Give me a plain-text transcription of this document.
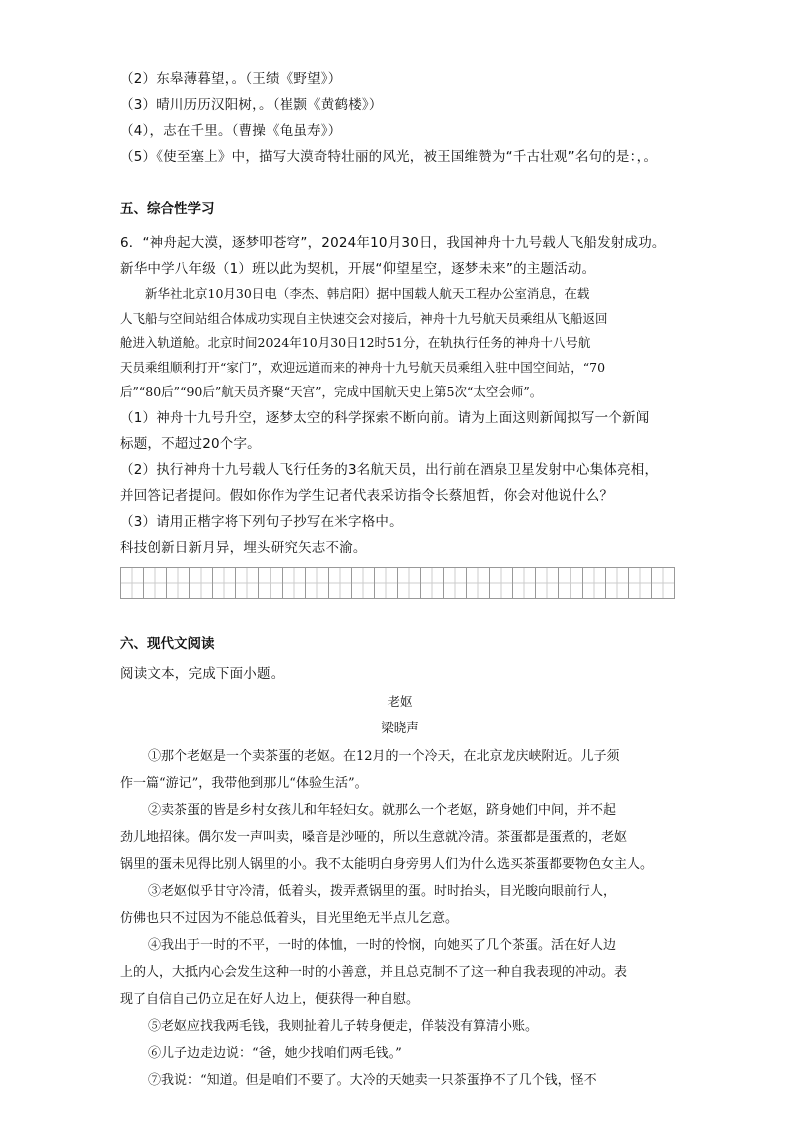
（2）东皋薄暮望，。（王绩《野望》）
（3）晴川历历汉阳树，。（崔颢《黄鹤楼》）
（4），志在千里。（曹操《龟虽寿》）
（5）《使至塞上》中，描写大漠奇特壮丽的风光，被王国维赞为“千古壮观”名句的是：，。
五、综合性学习
6．“神舟起大漠，逐梦叩苍穹”，2024年10月30日，我国神舟十九号载人飞船发射成功。
新华中学八年级（1）班以此为契机，开展“仰望星空，逐梦未来”的主题活动。
新华社北京10月30日电（李杰、韩启阳）据中国载人航天工程办公室消息，在载
人飞船与空间站组合体成功实现自主快速交会对接后，神舟十九号航天员乘组从飞船返回
舱进入轨道舱。北京时间2024年10月30日12时51分，在轨执行任务的神舟十八号航
天员乘组顺利打开“家门”，欢迎远道而来的神舟十九号航天员乘组入驻中国空间站，“70
后”“80后”“90后”航天员齐聚“天宫”，完成中国航天史上第5次“太空会师”。
（1）神舟十九号升空，逐梦太空的科学探索不断向前。请为上面这则新闻拟写一个新闻
标题，不超过20个字。
（2）执行神舟十九号载人飞行任务的3名航天员，出行前在酒泉卫星发射中心集体亮相，
并回答记者提问。假如你作为学生记者代表采访指令长蔡旭哲，你会对他说什么？
（3）请用正楷字将下列句子抄写在米字格中。
科技创新日新月异，埋头研究矢志不渝。
六、现代文阅读
阅读文本，完成下面小题。
老妪
梁晓声
①那个老妪是一个卖茶蛋的老妪。在12月的一个冷天，在北京龙庆峡附近。儿子须
作一篇“游记”，我带他到那儿“体验生活”。
②卖茶蛋的皆是乡村女孩儿和年轻妇女。就那么一个老妪，跻身她们中间，并不起
劲儿地招徕。偶尔发一声叫卖，嗓音是沙哑的，所以生意就冷清。茶蛋都是蛋煮的，老妪
锅里的蛋未见得比别人锅里的小。我不太能明白身旁男人们为什么选买茶蛋都要物色女主人。
③老妪似乎甘守冷清，低着头，拨弄煮锅里的蛋。时时抬头，目光睃向眼前行人，
仿佛也只不过因为不能总低着头，目光里绝无半点儿乞意。
④我出于一时的不平，一时的体恤，一时的怜悯，向她买了几个茶蛋。活在好人边
上的人，大抵内心会发生这种一时的小善意，并且总克制不了这一种自我表现的冲动。表
现了自信自己仍立足在好人边上，便获得一种自慰。
⑤老妪应找我两毛钱，我则扯着儿子转身便走，佯装没有算清小账。
⑥儿子边走边说：“爸，她少找咱们两毛钱。”
⑦我说：“知道。但是咱们不要了。大冷的天她卖一只茶蛋挣不了几个钱，怪不
